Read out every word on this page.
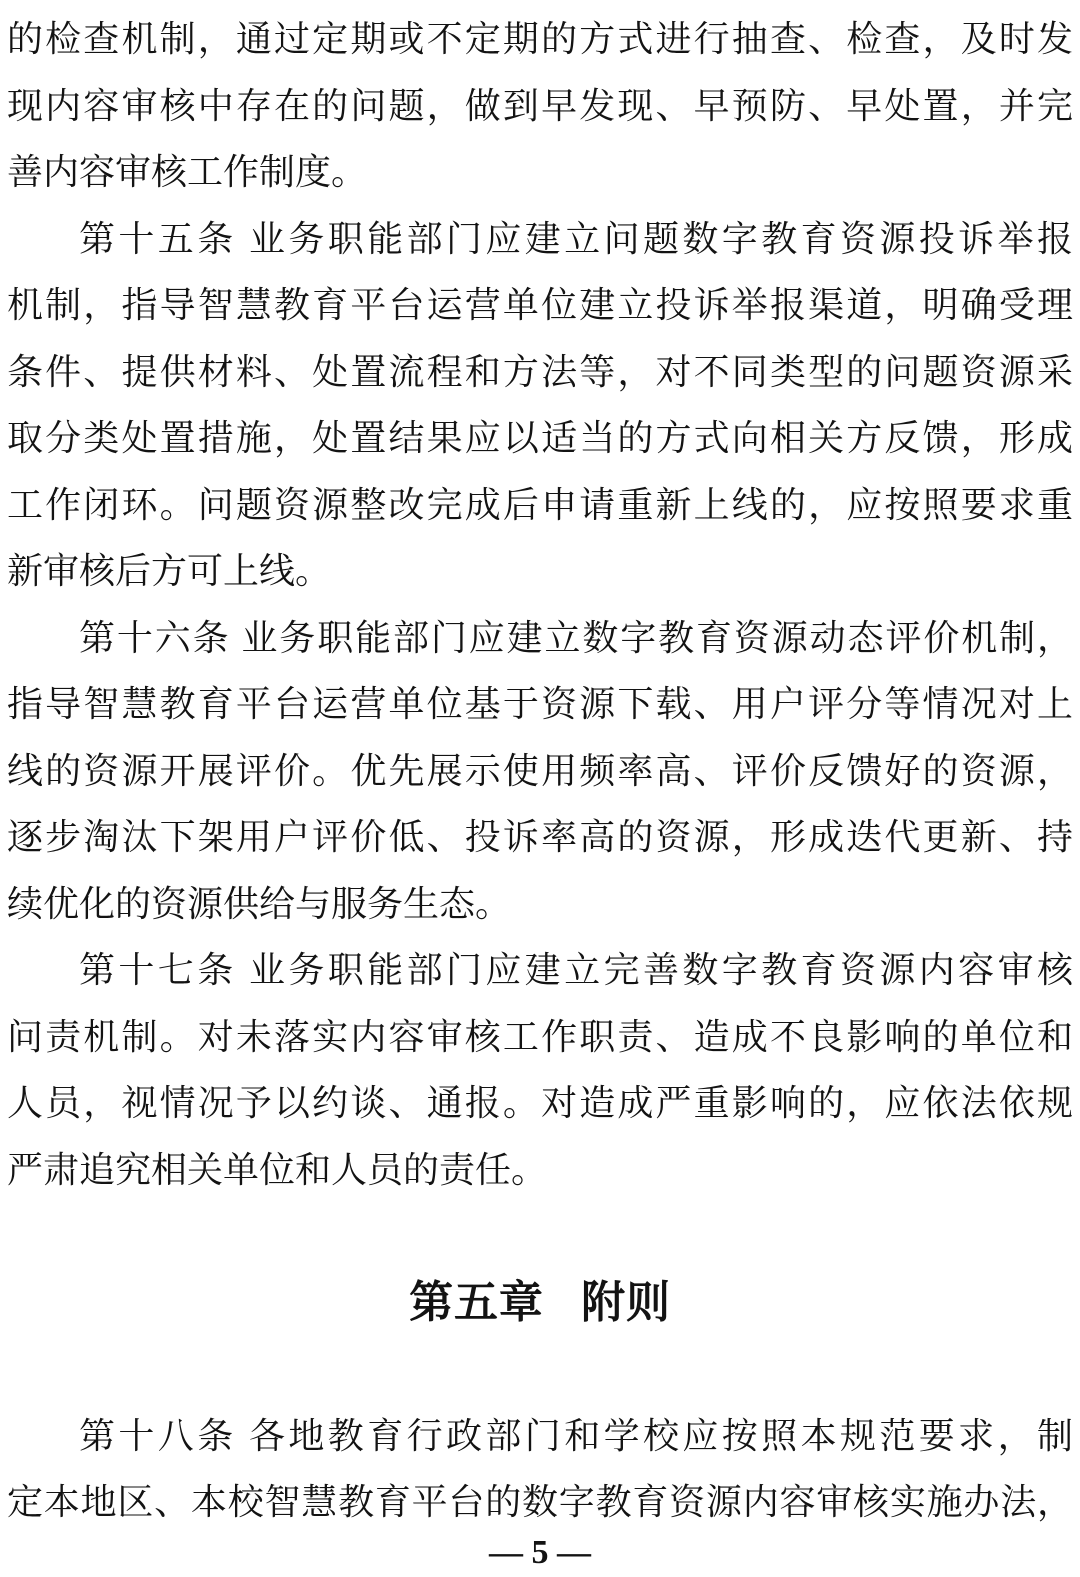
的检查机制，通过定期或不定期的方式进行抽查、检查，及时发
现内容审核中存在的问题，做到早发现、早预防、早处置，并完
善内容审核工作制度。
第十五条 业务职能部门应建立问题数字教育资源投诉举报
机制，指导智慧教育平台运营单位建立投诉举报渠道，明确受理
条件、提供材料、处置流程和方法等，对不同类型的问题资源采
取分类处置措施，处置结果应以适当的方式向相关方反馈，形成
工作闭环。问题资源整改完成后申请重新上线的，应按照要求重
新审核后方可上线。
第十六条 业务职能部门应建立数字教育资源动态评价机制，
指导智慧教育平台运营单位基于资源下载、用户评分等情况对上
线的资源开展评价。优先展示使用频率高、评价反馈好的资源，
逐步淘汰下架用户评价低、投诉率高的资源，形成迭代更新、持
续优化的资源供给与服务生态。
第十七条 业务职能部门应建立完善数字教育资源内容审核
问责机制。对未落实内容审核工作职责、造成不良影响的单位和
人员，视情况予以约谈、通报。对造成严重影响的，应依法依规
严肃追究相关单位和人员的责任。
第五章 附则
第十八条 各地教育行政部门和学校应按照本规范要求，制
定本地区、本校智慧教育平台的数字教育资源内容审核实施办法，
— 5 —
